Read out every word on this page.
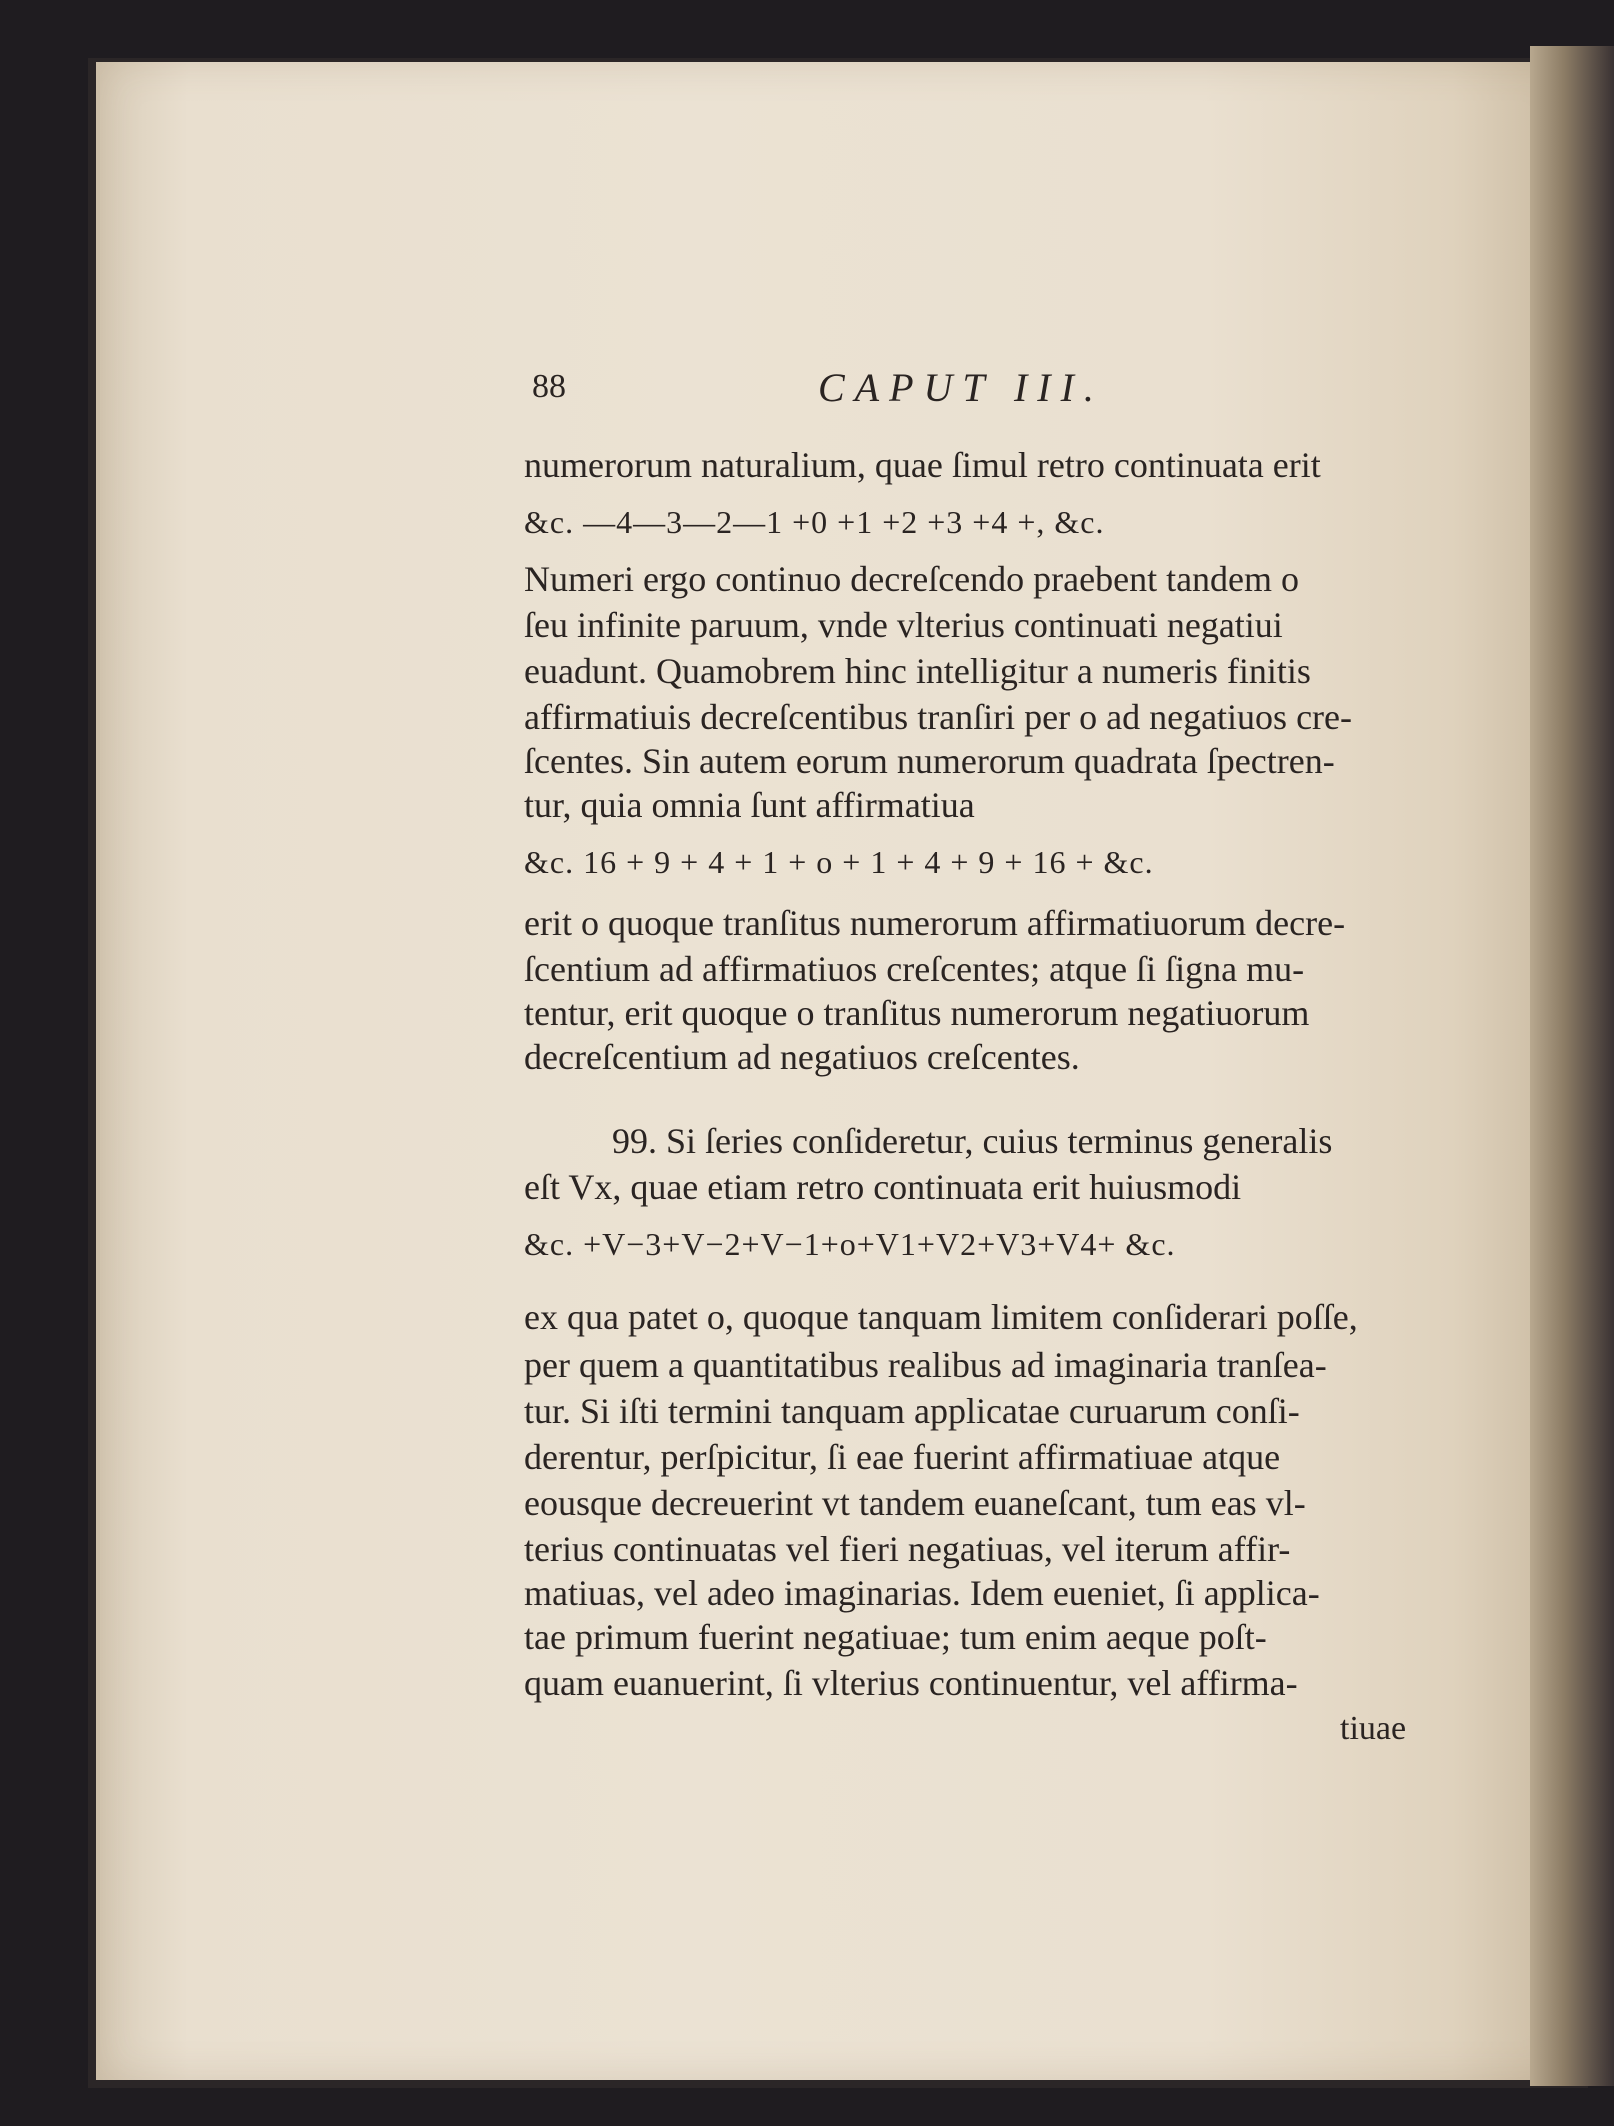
88	CAPUT III.
numerorum naturalium, quae ſimul retro continuata erit
&c. —4—3—2—1 +0 +1 +2 +3 +4 +, &c.
Numeri ergo continuo decreſcendo praebent tandem o
ſeu infinite paruum, vnde vlterius continuati negatiui
euadunt. Quamobrem hinc intelligitur a numeris finitis
affirmatiuis decreſcentibus tranſiri per o ad negatiuos cre-
ſcentes. Sin autem eorum numerorum quadrata ſpectren-
tur, quia omnia ſunt affirmatiua
&c. 16 + 9 + 4 + 1 + o + 1 + 4 + 9 + 16 + &c.
erit o quoque tranſitus numerorum affirmatiuorum decre-
ſcentium ad affirmatiuos creſcentes; atque ſi ſigna mu-
tentur, erit quoque o tranſitus numerorum negatiuorum
decreſcentium ad negatiuos creſcentes.
99. Si ſeries conſideretur, cuius terminus generalis
eſt Vx, quae etiam retro continuata erit huiusmodi
&c. +V−3+V−2+V−1+o+V1+V2+V3+V4+ &c.
ex qua patet o, quoque tanquam limitem conſiderari poſſe,
per quem a quantitatibus realibus ad imaginaria tranſea-
tur. Si iſti termini tanquam applicatae curuarum conſi-
derentur, perſpicitur, ſi eae fuerint affirmatiuae atque
eousque decreuerint vt tandem euaneſcant, tum eas vl-
terius continuatas vel fieri negatiuas, vel iterum affir-
matiuas, vel adeo imaginarias. Idem eueniet, ſi applica-
tae primum fuerint negatiuae; tum enim aeque poſt-
quam euanuerint, ſi vlterius continuentur, vel affirma-
tiuae
